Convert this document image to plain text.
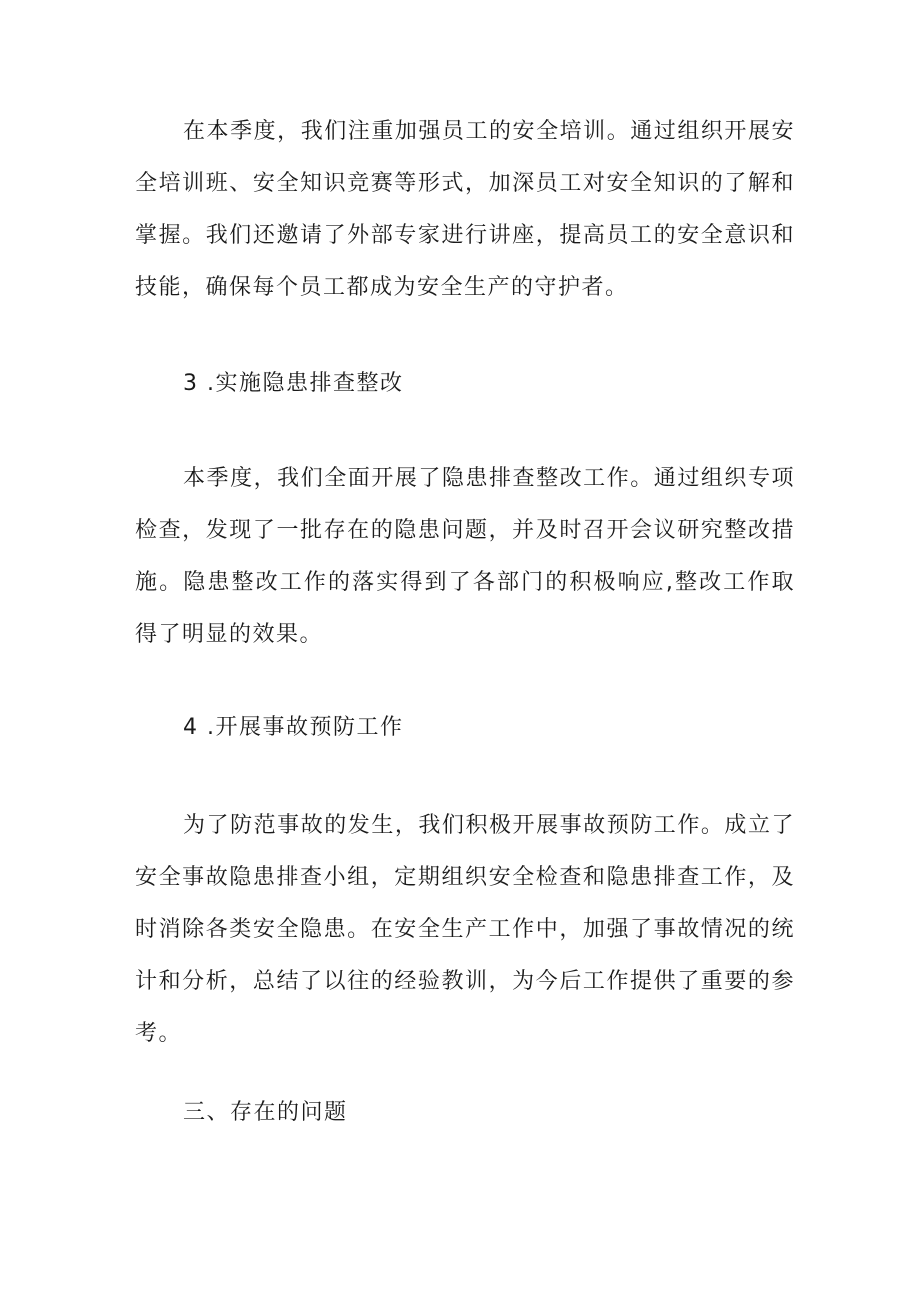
在本季度，我们注重加强员工的安全培训。通过组织开展安全培训班、安全知识竞赛等形式，加深员工对安全知识的了解和掌握。我们还邀请了外部专家进行讲座，提高员工的安全意识和技能，确保每个员工都成为安全生产的守护者。

3 .实施隐患排查整改

本季度，我们全面开展了隐患排查整改工作。通过组织专项检查，发现了一批存在的隐患问题，并及时召开会议研究整改措施。隐患整改工作的落实得到了各部门的积极响应,整改工作取得了明显的效果。

4 .开展事故预防工作

为了防范事故的发生，我们积极开展事故预防工作。成立了安全事故隐患排查小组，定期组织安全检查和隐患排查工作，及时消除各类安全隐患。在安全生产工作中，加强了事故情况的统计和分析，总结了以往的经验教训，为今后工作提供了重要的参考。

三、存在的问题
